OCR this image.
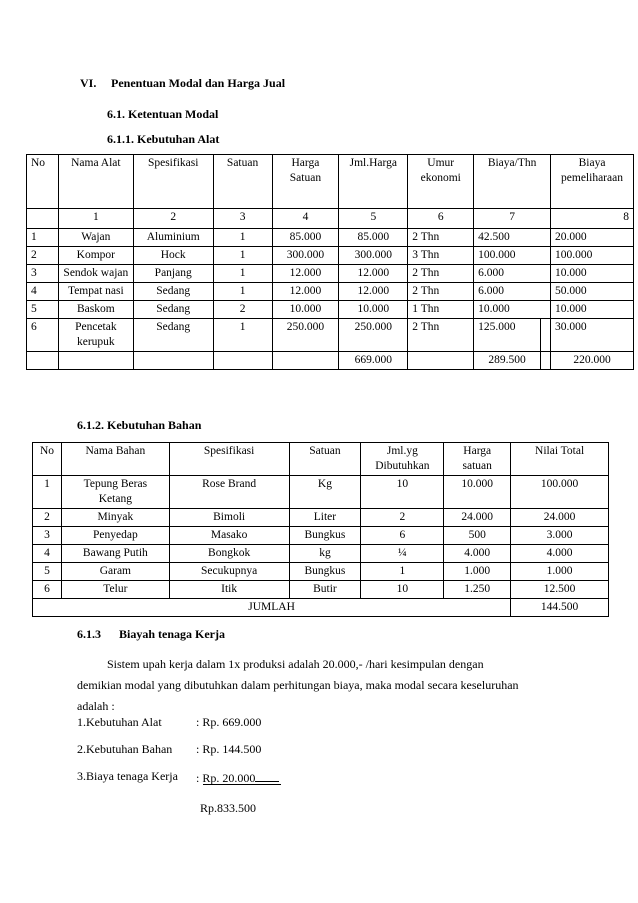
VI. Penentuan Modal dan Harga Jual
6.1. Ketentuan Modal
6.1.1. Kebutuhan Alat
No	Nama Alat	Spesifikasi	Satuan	Harga Satuan	Jml.Harga	Umur ekonomi	Biaya/Thn		Biaya pemeliharaan
	1	2	3	4	5	6	7		8
1	Wajan	Aluminium	1	85.000	85.000	2 Thn	42.500		20.000
2	Kompor	Hock	1	300.000	300.000	3 Thn	100.000		100.000
3	Sendok wajan	Panjang	1	12.000	12.000	2 Thn	6.000		10.000
4	Tempat nasi	Sedang	1	12.000	12.000	2 Thn	6.000		50.000
5	Baskom	Sedang	2	10.000	10.000	1 Thn	10.000		10.000
6	Pencetak kerupuk	Sedang	1	250.000	250.000	2 Thn	125.000		30.000
					669.000		289.500		220.000
6.1.2. Kebutuhan Bahan
No	Nama Bahan	Spesifikasi	Satuan	Jml.yg Dibutuhkan	Harga satuan	Nilai Total
1	Tepung Beras Ketang	Rose Brand	Kg	10	10.000	100.000
2	Minyak	Bimoli	Liter	2	24.000	24.000
3	Penyedap	Masako	Bungkus	6	500	3.000
4	Bawang Putih	Bongkok	kg	¼	4.000	4.000
5	Garam	Secukupnya	Bungkus	1	1.000	1.000
6	Telur	Itik	Butir	10	1.250	12.500
JUMLAH						144.500
6.1.3 Biayah tenaga Kerja
Sistem upah kerja dalam 1x produksi adalah 20.000,- /hari kesimpulan dengan
demikian modal yang dibutuhkan dalam perhitungan biaya, maka modal secara keseluruhan
adalah :
1.Kebutuhan Alat	: Rp. 669.000
2.Kebutuhan Bahan : Rp. 144.500
3.Biaya tenaga Kerja : Rp. 20.000
Rp.833.500
